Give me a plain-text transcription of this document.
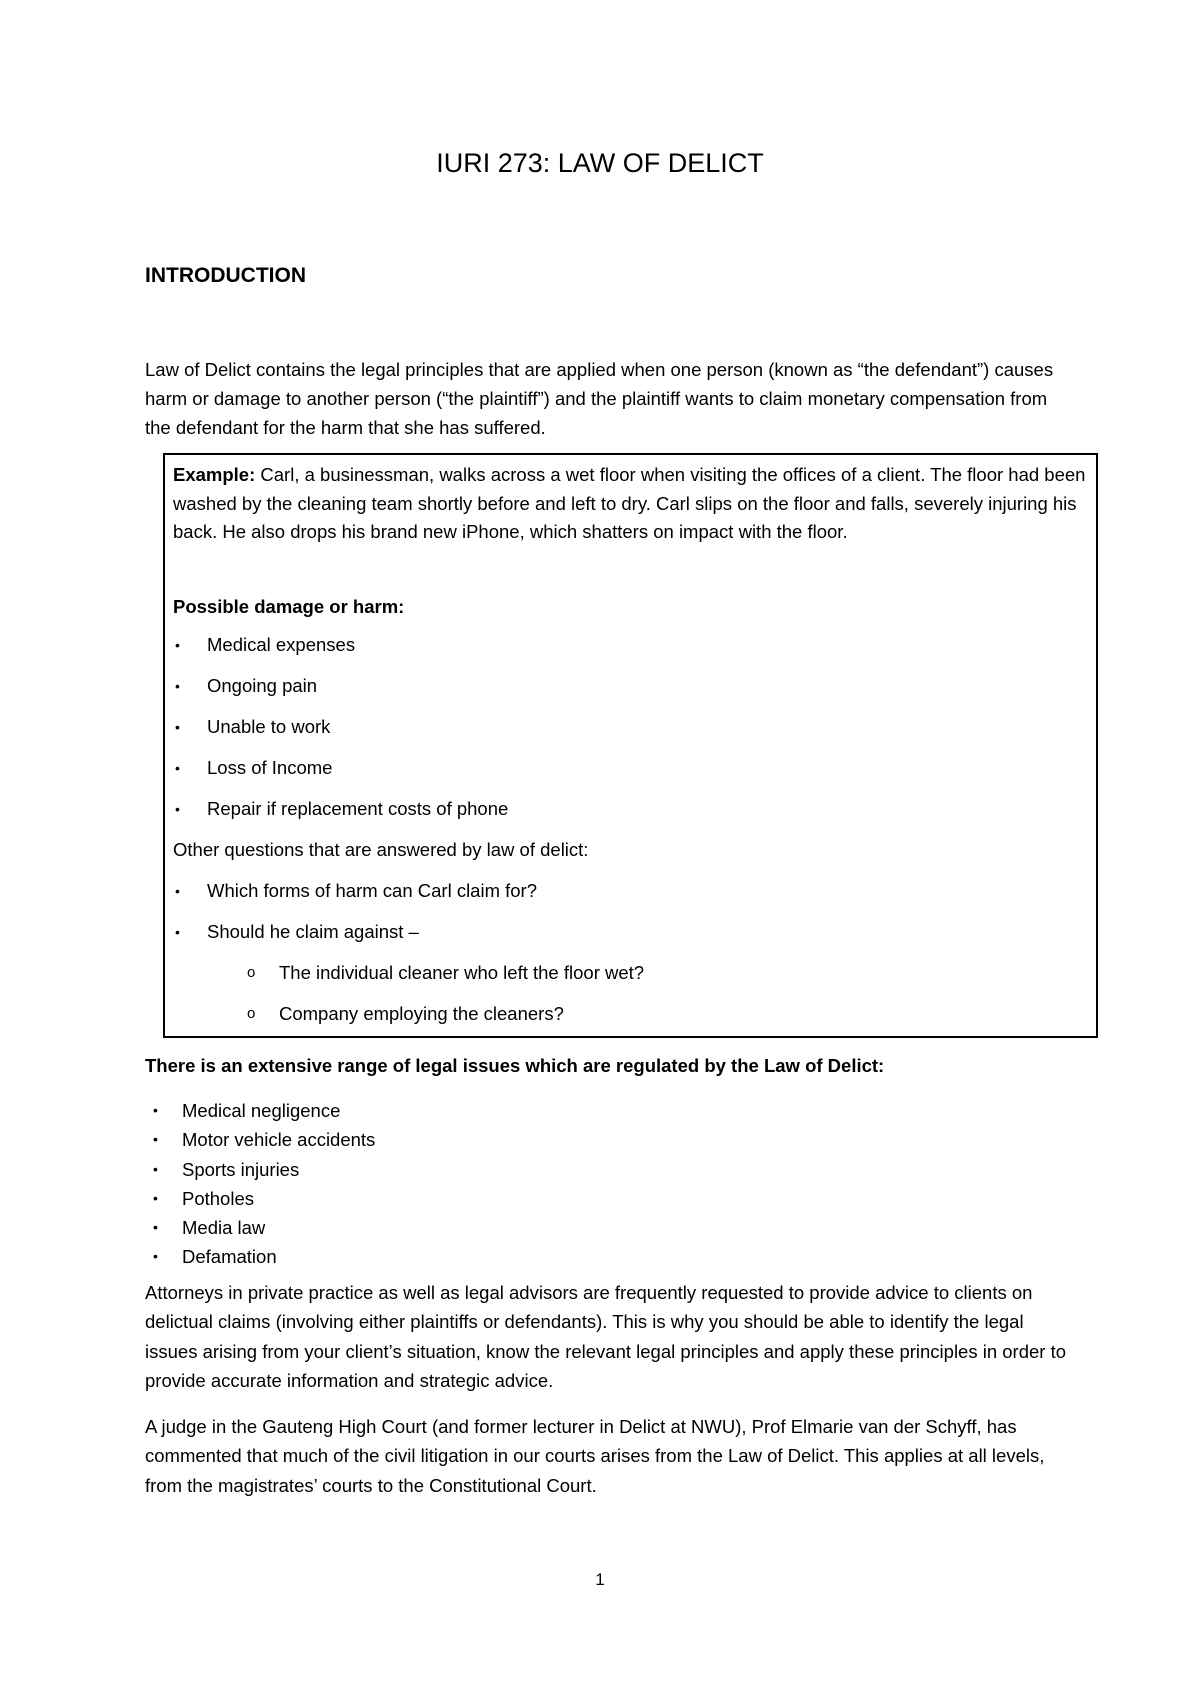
IURI 273: LAW OF DELICT
INTRODUCTION

Law of Delict contains the legal principles that are applied when one person (known as “the defendant”) causes harm or damage to another person (“the plaintiff”) and the plaintiff wants to claim monetary compensation from the defendant for the harm that she has suffered.

Example: Carl, a businessman, walks across a wet floor when visiting the offices of a client. The floor had been washed by the cleaning team shortly before and left to dry. Carl slips on the floor and falls, severely injuring his back. He also drops his brand new iPhone, which shatters on impact with the floor.

Possible damage or harm:

• Medical expenses
• Ongoing pain
• Unable to work
• Loss of Income
• Repair if replacement costs of phone

Other questions that are answered by law of delict:

• Which forms of harm can Carl claim for?
• Should he claim against –
o The individual cleaner who left the floor wet?
o Company employing the cleaners?

There is an extensive range of legal issues which are regulated by the Law of Delict:

• Medical negligence
• Motor vehicle accidents
• Sports injuries
• Potholes
• Media law
• Defamation

Attorneys in private practice as well as legal advisors are frequently requested to provide advice to clients on delictual claims (involving either plaintiffs or defendants). This is why you should be able to identify the legal issues arising from your client’s situation, know the relevant legal principles and apply these principles in order to provide accurate information and strategic advice.

A judge in the Gauteng High Court (and former lecturer in Delict at NWU), Prof Elmarie van der Schyff, has commented that much of the civil litigation in our courts arises from the Law of Delict. This applies at all levels, from the magistrates’ courts to the Constitutional Court.

1
